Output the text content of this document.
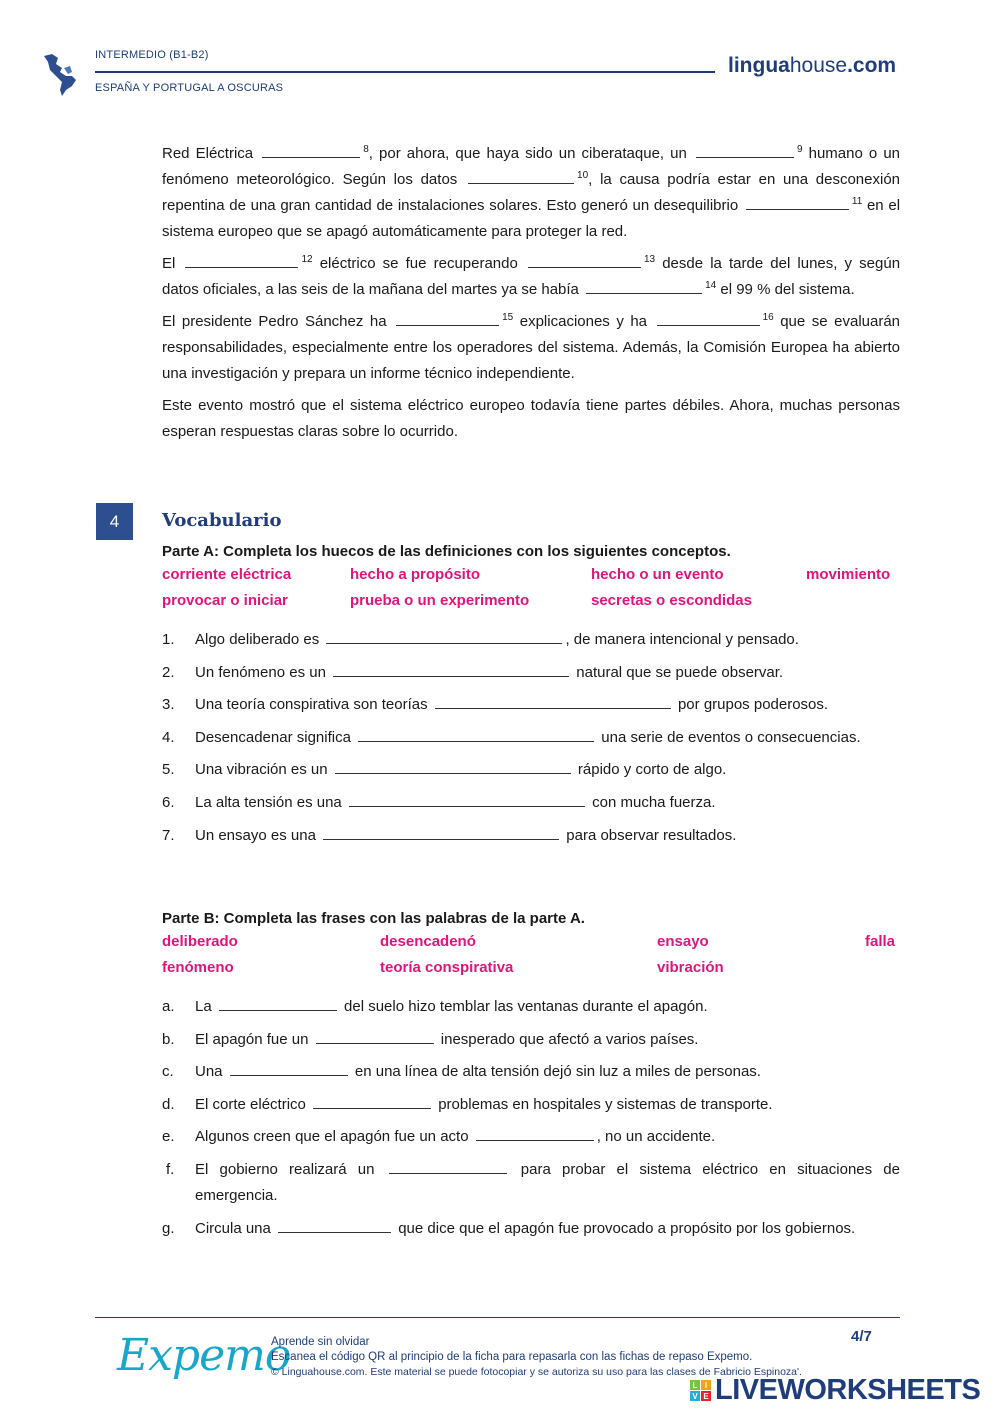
INTERMEDIO (B1-B2)
ESPAÑA Y PORTUGAL A OSCURAS
linguahouse.com

Red Eléctrica	$^8$, por ahora, que haya sido un ciberataque, un	$^9$ humano o un fenómeno meteorológico. Según los datos	$^{10}$, la causa podría estar en una desconexión repentina de una gran cantidad de instalaciones solares. Esto generó un desequilibrio	$^{11}$ en el sistema europeo que se apagó automáticamente para proteger la red.

El	$^{12}$ eléctrico se fue recuperando	$^{13}$ desde la tarde del lunes, y según datos oficiales, a las seis de la mañana del martes ya se había	$^{14}$ el 99 % del sistema.

El presidente Pedro Sánchez ha	$^{15}$ explicaciones y ha	$^{16}$ que se evaluarán responsabilidades, especialmente entre los operadores del sistema. Además, la Comisión Europea ha abierto una investigación y prepara un informe técnico independiente.

Este evento mostró que el sistema eléctrico europeo todavía tiene partes débiles. Ahora, muchas personas esperan respuestas claras sobre lo ocurrido.

4	Vocabulario
Parte A: Completa los huecos de las definiciones con los siguientes conceptos.
corriente eléctrica	hecho a propósito	hecho o un evento	movimiento
provocar o iniciar	prueba o un experimento	secretas o escondidas
1.	Algo deliberado es	, de manera intencional y pensado.
2.	Un fenómeno es un	natural que se puede observar.
3.	Una teoría conspirativa son teorías	por grupos poderosos.
4.	Desencadenar significa	una serie de eventos o consecuencias.
5.	Una vibración es un	rápido y corto de algo.
6.	La alta tensión es una	con mucha fuerza.
7.	Un ensayo es una	para observar resultados.
Parte B: Completa las frases con las palabras de la parte A.
deliberado	desencadenó	ensayo	falla
fenómeno	teoría conspirativa	vibración
a.	La	del suelo hizo temblar las ventanas durante el apagón.
b.	El apagón fue un	inesperado que afectó a varios países.
c.	Una	en una línea de alta tensión dejó sin luz a miles de personas.
d.	El corte eléctrico	problemas en hospitales y sistemas de transporte.
e.	Algunos creen que el apagón fue un acto	, no un accidente.
f.	El gobierno realizará un	para probar el sistema eléctrico en situaciones de emergencia.
g.	Circula una	que dice que el apagón fue provocado a propósito por los gobiernos.
Expemo
Aprende sin olvidar
Escanea el código QR al principio de la ficha para repasarla con las fichas de repaso Expemo.
© Linguahouse.com. Este material se puede fotocopiar y se autoriza su uso para las clases de Fabricio Espinoza'.
4/7
L I
V E LIVEWORKSHEETS
